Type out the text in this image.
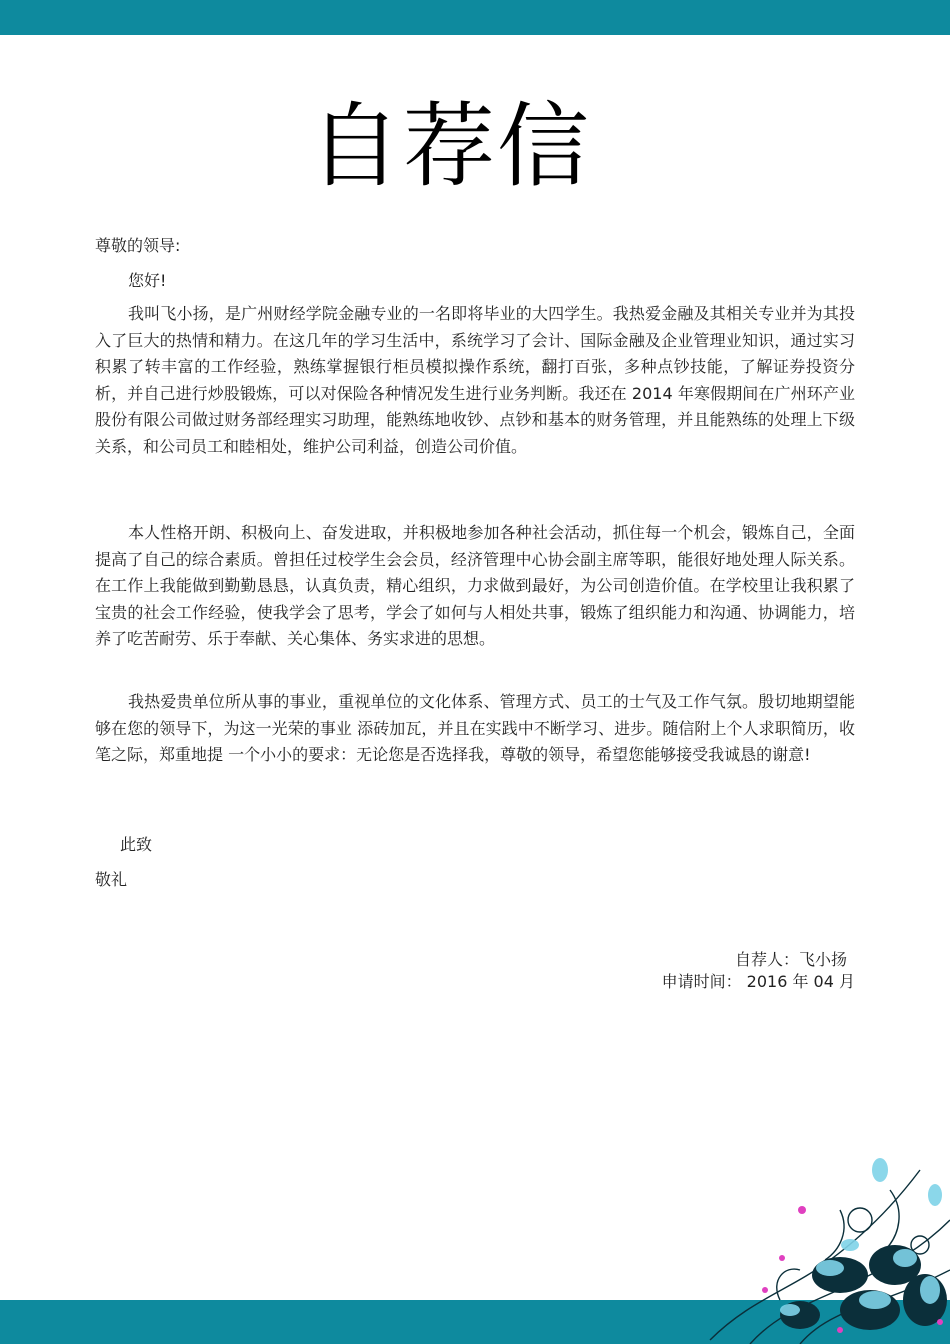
自荐信
尊敬的领导:
您好!
我叫飞小扬，是广州财经学院金融专业的一名即将毕业的大四学生。我热爱金融及其相关专业并为其投入了巨大的热情和精力。在这几年的学习生活中，系统学习了会计、国际金融及企业管理业知识，通过实习积累了转丰富的工作经验，熟练掌握银行柜员模拟操作系统，翻打百张，多种点钞技能，了解证券投资分析，并自己进行炒股锻炼，可以对保险各种情况发生进行业务判断。我还在 2014 年寒假期间在广州环产业股份有限公司做过财务部经理实习助理，能熟练地收钞、点钞和基本的财务管理，并且能熟练的处理上下级关系，和公司员工和睦相处，维护公司利益，创造公司价值。
本人性格开朗、积极向上、奋发进取，并积极地参加各种社会活动，抓住每一个机会，锻炼自己，全面提高了自己的综合素质。曾担任过校学生会会员，经济管理中心协会副主席等职，能很好地处理人际关系。在工作上我能做到勤勤恳恳，认真负责，精心组织，力求做到最好，为公司创造价值。在学校里让我积累了宝贵的社会工作经验，使我学会了思考，学会了如何与人相处共事，锻炼了组织能力和沟通、协调能力，培养了吃苦耐劳、乐于奉献、关心集体、务实求进的思想。
我热爱贵单位所从事的事业，重视单位的文化体系、管理方式、员工的士气及工作气氛。殷切地期望能够在您的领导下，为这一光荣的事业 添砖加瓦，并且在实践中不断学习、进步。随信附上个人求职简历，收笔之际，郑重地提 一个小小的要求：无论您是否选择我，尊敬的领导，希望您能够接受我诚恳的谢意!
此致
敬礼
自荐人：飞小扬
申请时间： 2016 年 04 月
